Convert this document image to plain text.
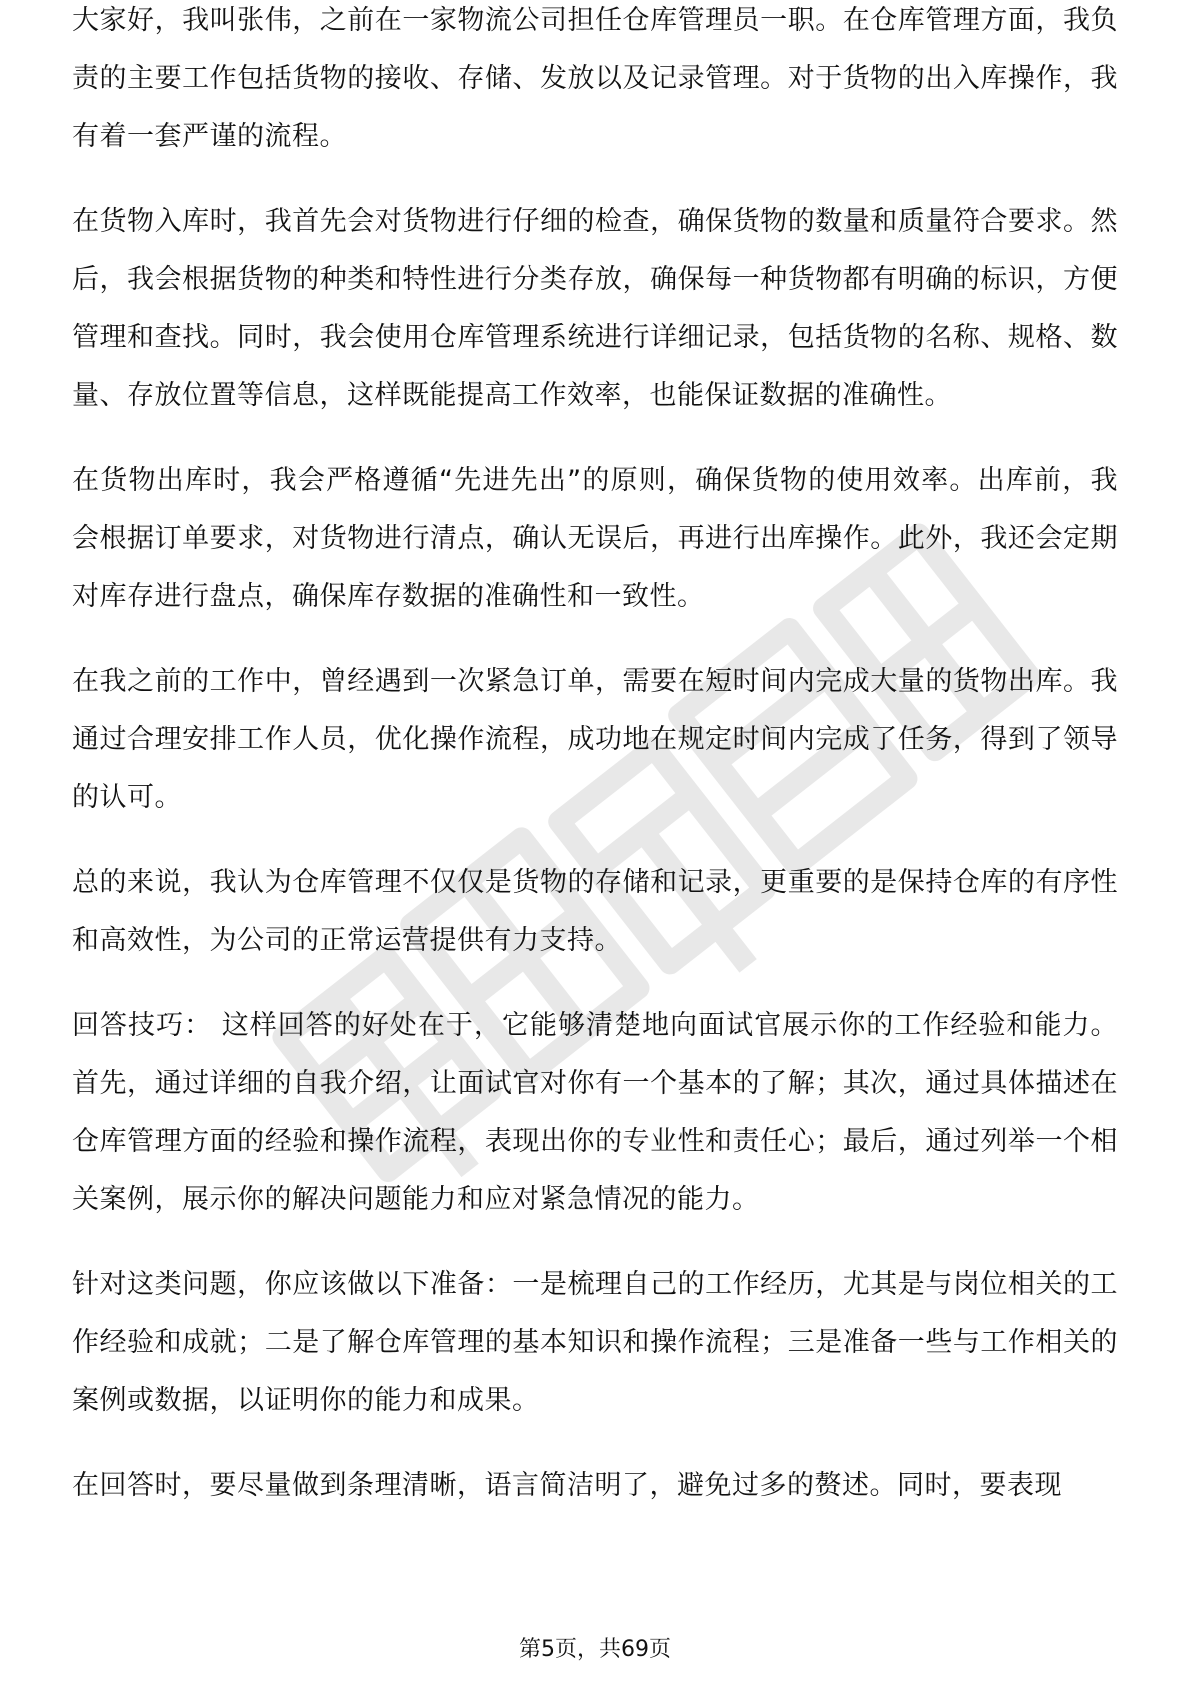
大家好，我叫张伟，之前在一家物流公司担任仓库管理员一职。在仓库管理方面，我负责的主要工作包括货物的接收、存储、发放以及记录管理。对于货物的出入库操作，我有着一套严谨的流程。

在货物入库时，我首先会对货物进行仔细的检查，确保货物的数量和质量符合要求。然后，我会根据货物的种类和特性进行分类存放，确保每一种货物都有明确的标识，方便管理和查找。同时，我会使用仓库管理系统进行详细记录，包括货物的名称、规格、数量、存放位置等信息，这样既能提高工作效率，也能保证数据的准确性。

在货物出库时，我会严格遵循“先进先出”的原则，确保货物的使用效率。出库前，我会根据订单要求，对货物进行清点，确认无误后，再进行出库操作。此外，我还会定期对库存进行盘点，确保库存数据的准确性和一致性。

在我之前的工作中，曾经遇到一次紧急订单，需要在短时间内完成大量的货物出库。我通过合理安排工作人员，优化操作流程，成功地在规定时间内完成了任务，得到了领导的认可。

总的来说，我认为仓库管理不仅仅是货物的存储和记录，更重要的是保持仓库的有序性和高效性，为公司的正常运营提供有力支持。

回答技巧： 这样回答的好处在于，它能够清楚地向面试官展示你的工作经验和能力。首先，通过详细的自我介绍，让面试官对你有一个基本的了解；其次，通过具体描述在仓库管理方面的经验和操作流程，表现出你的专业性和责任心；最后，通过列举一个相关案例，展示你的解决问题能力和应对紧急情况的能力。

针对这类问题，你应该做以下准备：一是梳理自己的工作经历，尤其是与岗位相关的工作经验和成就；二是了解仓库管理的基本知识和操作流程；三是准备一些与工作相关的案例或数据，以证明你的能力和成果。

在回答时，要尽量做到条理清晰，语言简洁明了，避免过多的赘述。同时，要表现

第5页，共69页
